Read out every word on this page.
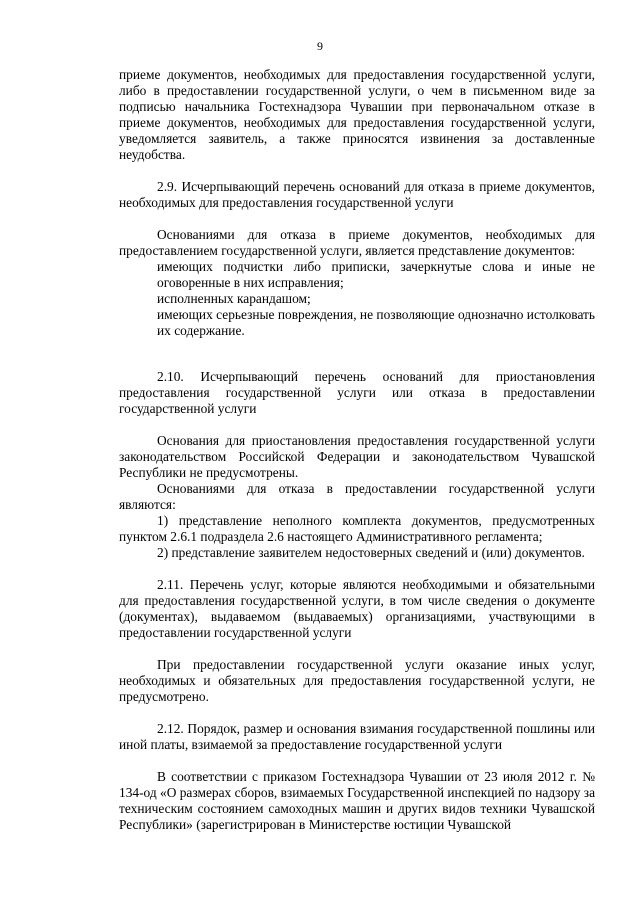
9
приеме документов, необходимых для предоставления государственной услуги, либо в предоставлении государственной услуги, о чем в письменном виде за подписью начальника Гостехнадзора Чувашии при первоначальном отказе в приеме документов, необходимых для предоставления государственной услуги, уведомляется заявитель, а также приносятся извинения за доставленные неудобства.
2.9. Исчерпывающий перечень оснований для отказа в приеме документов, необходимых для предоставления государственной услуги
Основаниями для отказа в приеме документов, необходимых для предоставлением государственной услуги, является представление документов:
имеющих подчистки либо приписки, зачеркнутые слова и иные не оговоренные в них исправления;
исполненных карандашом;
имеющих серьезные повреждения, не позволяющие однозначно истолковать их содержание.
2.10. Исчерпывающий перечень оснований для приостановления предоставления государственной услуги или отказа в предоставлении государственной услуги
Основания для приостановления предоставления государственной услуги законодательством Российской Федерации и законодательством Чувашской Республики не предусмотрены.
Основаниями для отказа в предоставлении государственной услуги являются:
1) представление неполного комплекта документов, предусмотренных пунктом 2.6.1 подраздела 2.6 настоящего Административного регламента;
2) представление заявителем недостоверных сведений и (или) документов.
2.11. Перечень услуг, которые являются необходимыми и обязательными для предоставления государственной услуги, в том числе сведения о документе (документах), выдаваемом (выдаваемых) организациями, участвующими в предоставлении государственной услуги
При предоставлении государственной услуги оказание иных услуг, необходимых и обязательных для предоставления государственной услуги, не предусмотрено.
2.12. Порядок, размер и основания взимания государственной пошлины или иной платы, взимаемой за предоставление государственной услуги
В соответствии с приказом Гостехнадзора Чувашии от 23 июля 2012 г. № 134-од «О размерах сборов, взимаемых Государственной инспекцией по надзору за техническим состоянием самоходных машин и других видов техники Чувашской Республики» (зарегистрирован в Министерстве юстиции Чувашской
